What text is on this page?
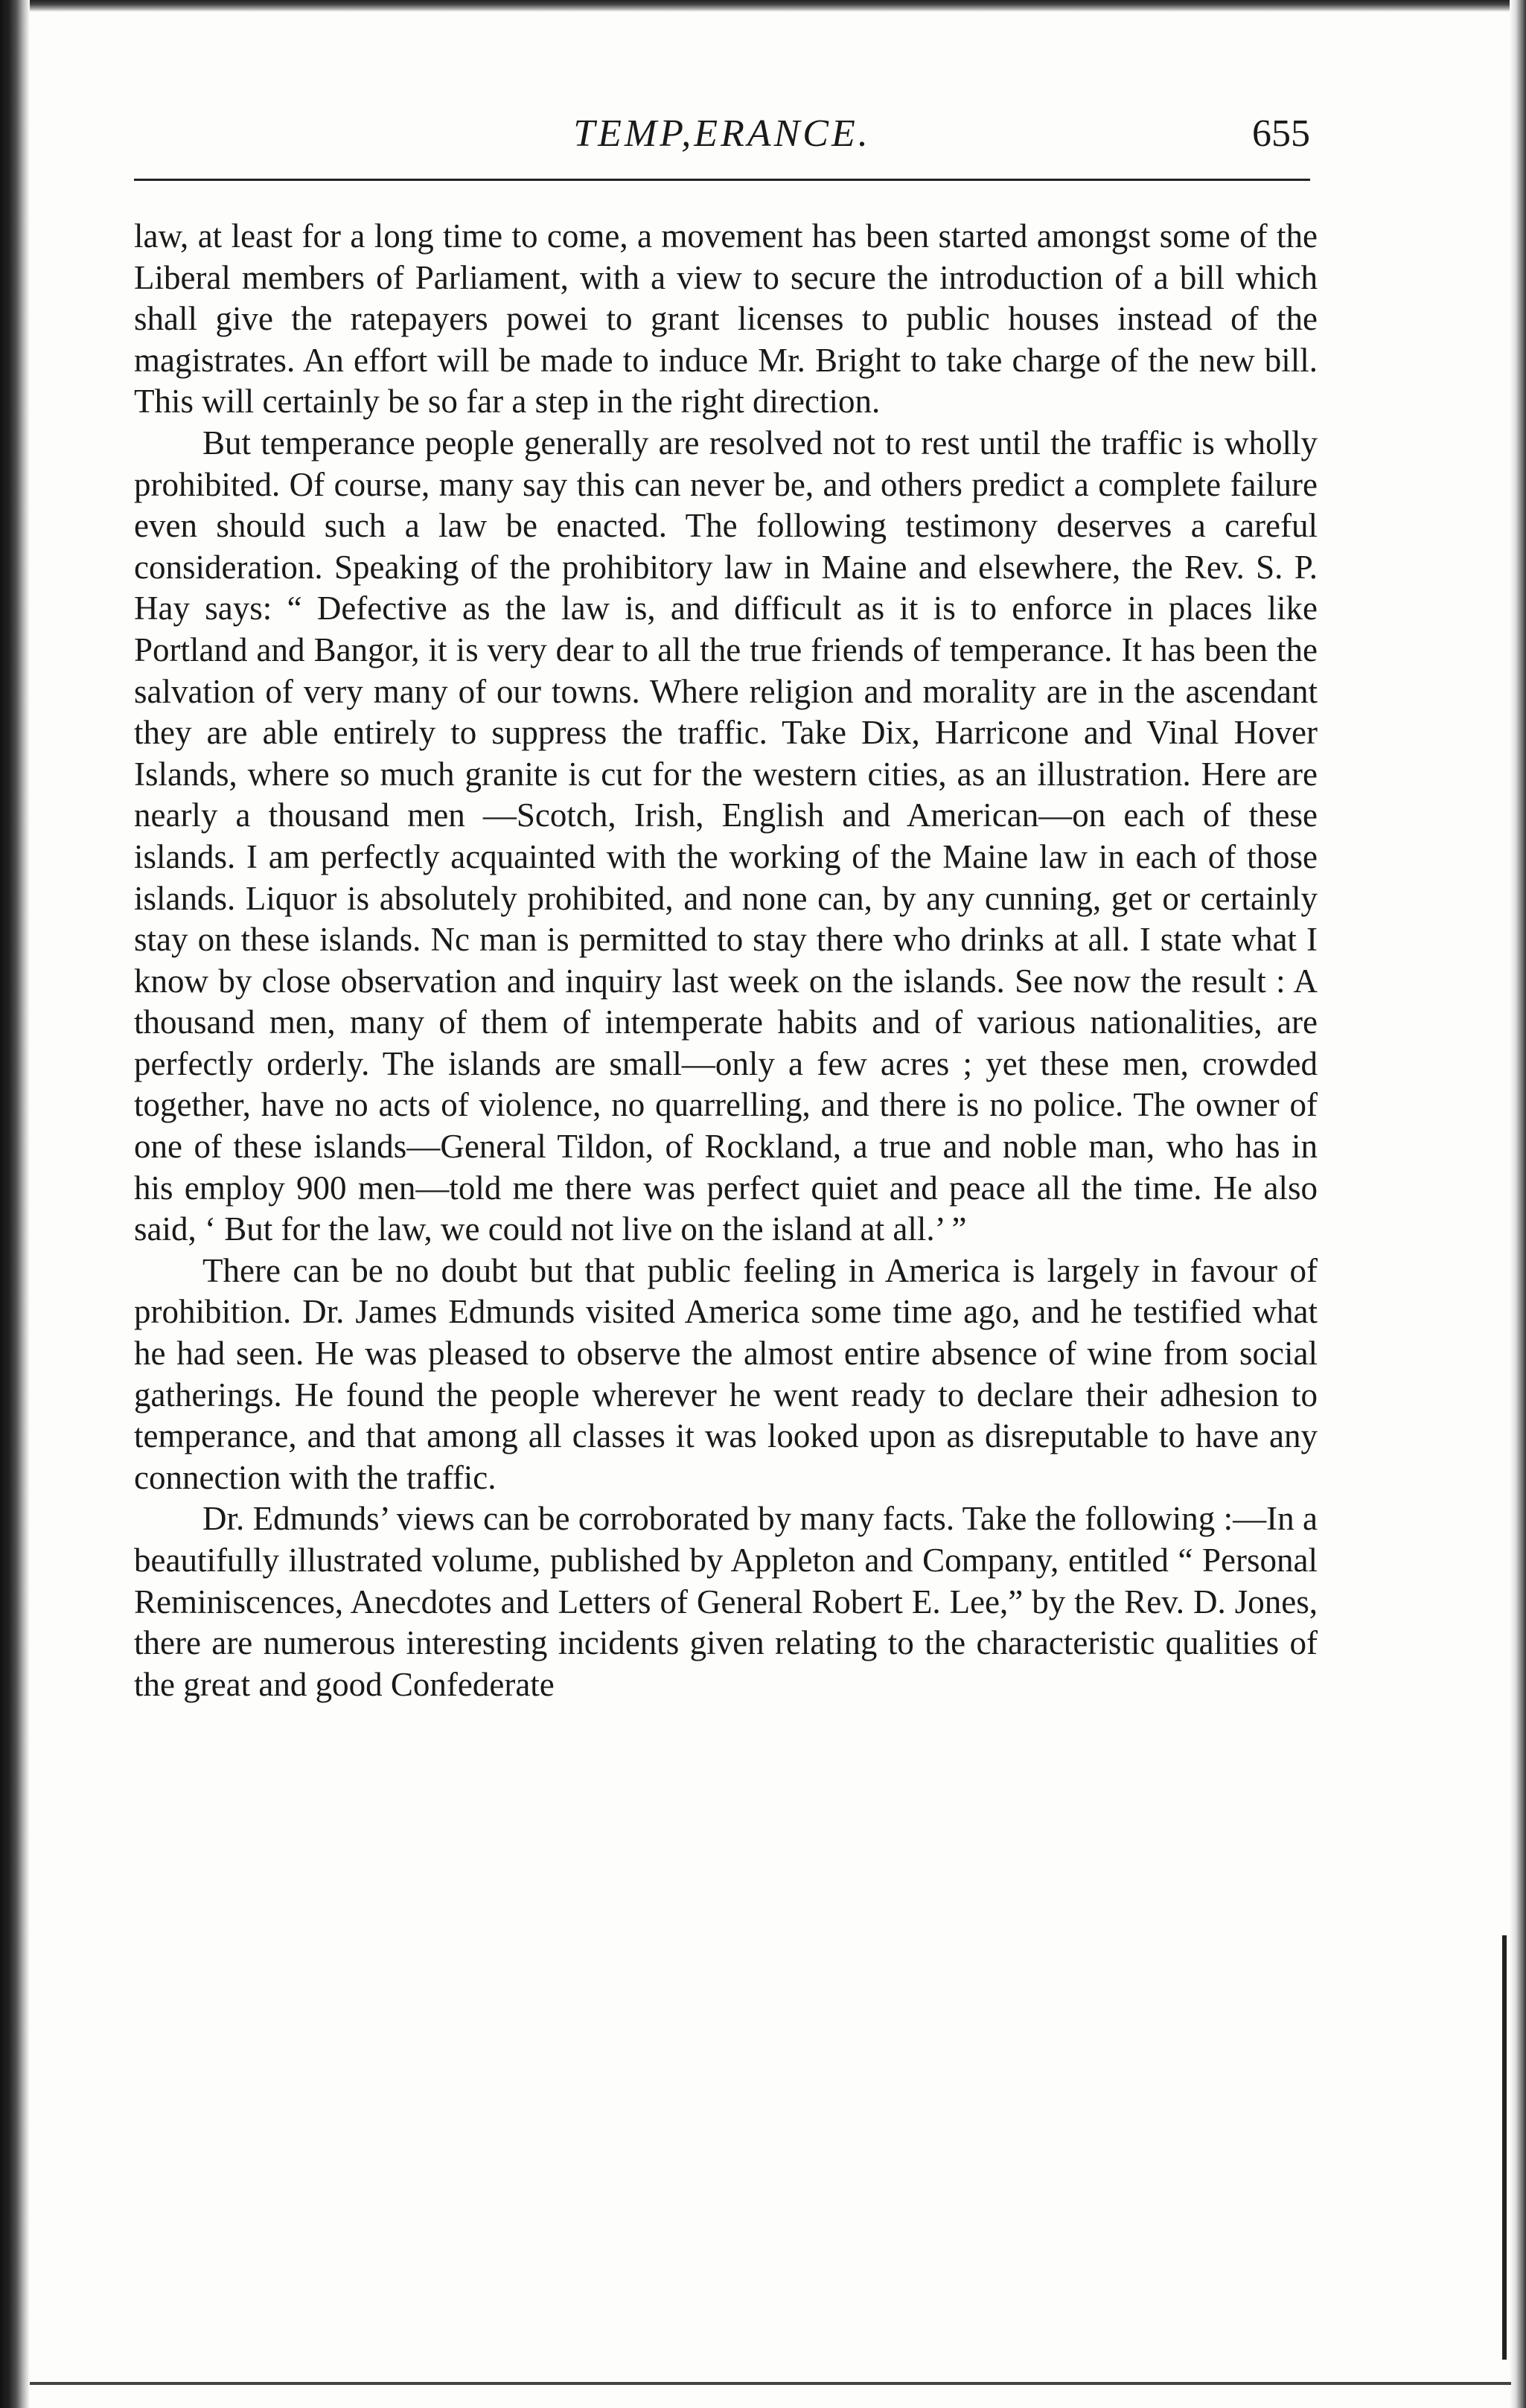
TEMP,ERANCE.	655

law, at least for a long time to come, a movement has been started amongst some of the Liberal members of Parliament, with a view to secure the introduction of a bill which shall give the ratepayers powei to grant licenses to public houses instead of the magistrates. An effort will be made to induce Mr. Bright to take charge of the new bill. This will certainly be so far a step in the right direction.

But temperance people generally are resolved not to rest until the traffic is wholly prohibited. Of course, many say this can never be, and others predict a complete failure even should such a law be enacted. The following testimony deserves a careful consideration. Speaking of the prohibitory law in Maine and elsewhere, the Rev. S. P. Hay says: “ Defective as the law is, and difficult as it is to enforce in places like Portland and Bangor, it is very dear to all the true friends of temperance. It has been the salvation of very many of our towns. Where religion and morality are in the ascendant they are able entirely to suppress the traffic. Take Dix, Harricone and Vinal Hover Islands, where so much granite is cut for the western cities, as an illustration. Here are nearly a thousand men —Scotch, Irish, English and American—on each of these islands. I am perfectly acquainted with the working of the Maine law in each of those islands. Liquor is absolutely prohibited, and none can, by any cunning, get or certainly stay on these islands. Nc man is permitted to stay there who drinks at all. I state what I know by close observation and inquiry last week on the islands. See now the result : A thousand men, many of them of intemperate habits and of various nationalities, are perfectly orderly. The islands are small—only a few acres ; yet these men, crowded together, have no acts of violence, no quarrelling, and there is no police. The owner of one of these islands—General Tildon, of Rockland, a true and noble man, who has in his employ 900 men—told me there was perfect quiet and peace all the time. He also said, ‘ But for the law, we could not live on the island at all.’ ”

There can be no doubt but that public feeling in America is largely in favour of prohibition. Dr. James Edmunds visited America some time ago, and he testified what he had seen. He was pleased to observe the almost entire absence of wine from social gatherings. He found the people wherever he went ready to declare their adhesion to temperance, and that among all classes it was looked upon as disreputable to have any connection with the traffic.

Dr. Edmunds’ views can be corroborated by many facts. Take the following :—In a beautifully illustrated volume, published by Appleton and Company, entitled “ Personal Reminiscences, Anecdotes and Letters of General Robert E. Lee,” by the Rev. D. Jones, there are numerous interesting incidents given relating to the characteristic qualities of the great and good Confederate
